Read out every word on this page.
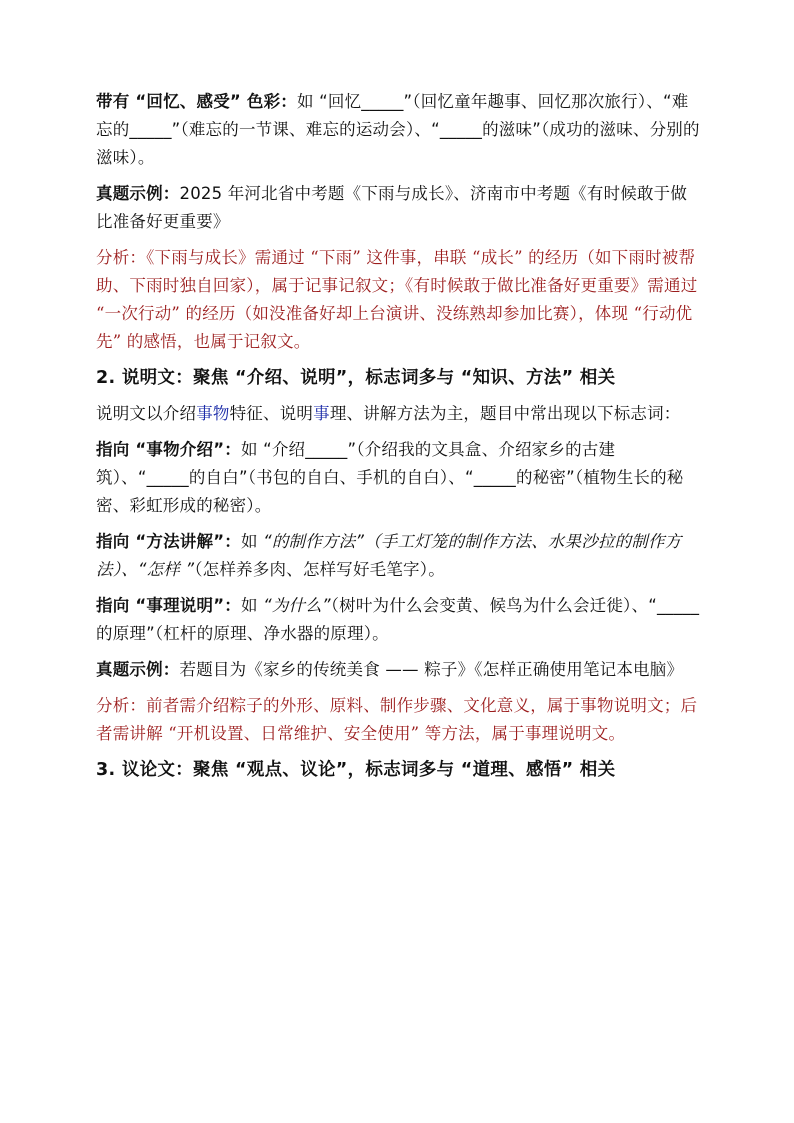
带有 “回忆、感受” 色彩：如 “回忆_____”（回忆童年趣事、回忆那次旅行）、“难忘的_____”（难忘的一节课、难忘的运动会）、“_____的滋味”（成功的滋味、分别的滋味）。

真题示例：2025 年河北省中考题《下雨与成长》、济南市中考题《有时候敢于做比准备好更重要》

分析：《下雨与成长》需通过 “下雨” 这件事，串联 “成长” 的经历（如下雨时被帮助、下雨时独自回家），属于记事记叙文；《有时候敢于做比准备好更重要》需通过 “一次行动” 的经历（如没准备好却上台演讲、没练熟却参加比赛），体现 “行动优先” 的感悟，也属于记叙文。

2. 说明文：聚焦 “介绍、说明”，标志词多与 “知识、方法” 相关

说明文以介绍事物特征、说明事理、讲解方法为主，题目中常出现以下标志词：

指向 “事物介绍”：如 “介绍_____”（介绍我的文具盒、介绍家乡的古建筑）、“_____的自白”（书包的自白、手机的自白）、“_____的秘密”（植物生长的秘密、彩虹形成的秘密）。

指向 “方法讲解”：如 “的制作方法”（手工灯笼的制作方法、水果沙拉的制作方法）、“怎样 ”（怎样养多肉、怎样写好毛笔字）。

指向 “事理说明”：如 “为什么”（树叶为什么会变黄、候鸟为什么会迁徙）、“_____的原理”（杠杆的原理、净水器的原理）。

真题示例：若题目为《家乡的传统美食 —— 粽子》《怎样正确使用笔记本电脑》

分析：前者需介绍粽子的外形、原料、制作步骤、文化意义，属于事物说明文；后者需讲解 “开机设置、日常维护、安全使用” 等方法，属于事理说明文。

3. 议论文：聚焦 “观点、议论”，标志词多与 “道理、感悟” 相关
